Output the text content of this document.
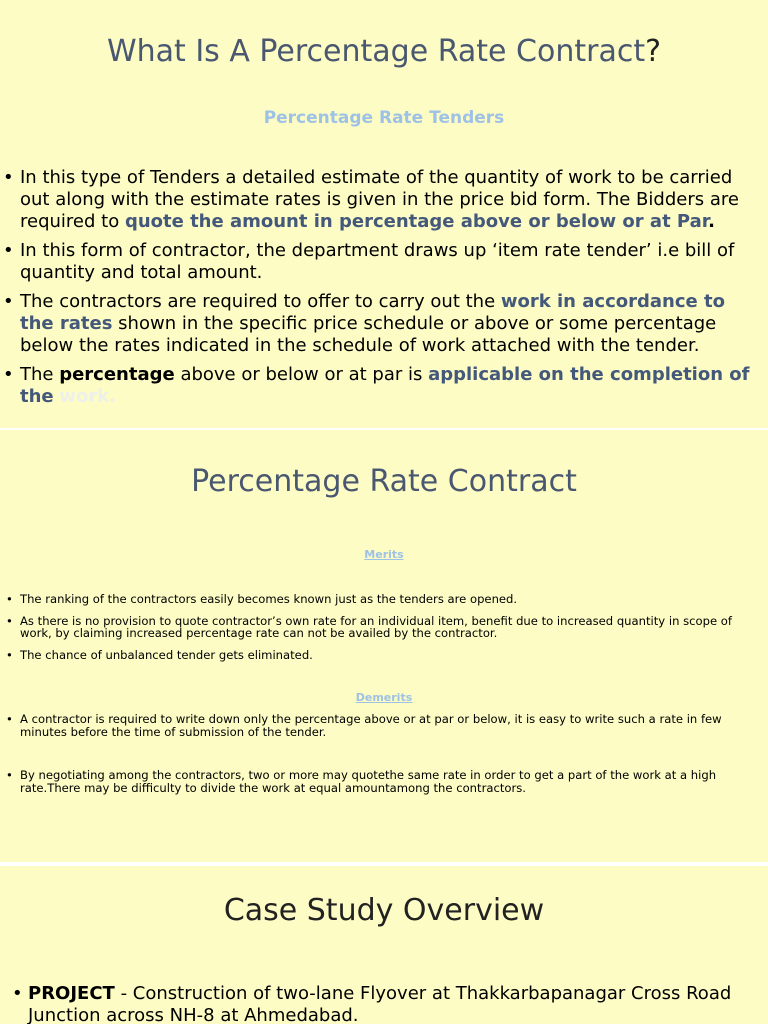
What Is A Percentage Rate Contract?
Percentage Rate Tenders
• In this type of Tenders a detailed estimate of the quantity of work to be carried out along with the estimate rates is given in the price bid form. The Bidders are required to quote the amount in percentage above or below or at Par.
• In this form of contractor, the department draws up ‘item rate tender’ i.e bill of quantity and total amount.
• The contractors are required to offer to carry out the work in accordance to the rates shown in the specific price schedule or above or some percentage below the rates indicated in the schedule of work attached with the tender.
• The percentage above or below or at par is applicable on the completion of the work.
Percentage Rate Contract
Merits
• The ranking of the contractors easily becomes known just as the tenders are opened.
• As there is no provision to quote contractor’s own rate for an individual item, benefit due to increased quantity in scope of work, by claiming increased percentage rate can not be availed by the contractor.
• The chance of unbalanced tender gets eliminated.
Demerits
• A contractor is required to write down only the percentage above or at par or below, it is easy to write such a rate in few minutes before the time of submission of the tender.
• By negotiating among the contractors, two or more may quotethe same rate in order to get a part of the work at a high rate.There may be difficulty to divide the work at equal amountamong the contractors.
Case Study Overview
• PROJECT - Construction of two-lane Flyover at Thakkarbapanagar Cross Road Junction across NH-8 at Ahmedabad.
